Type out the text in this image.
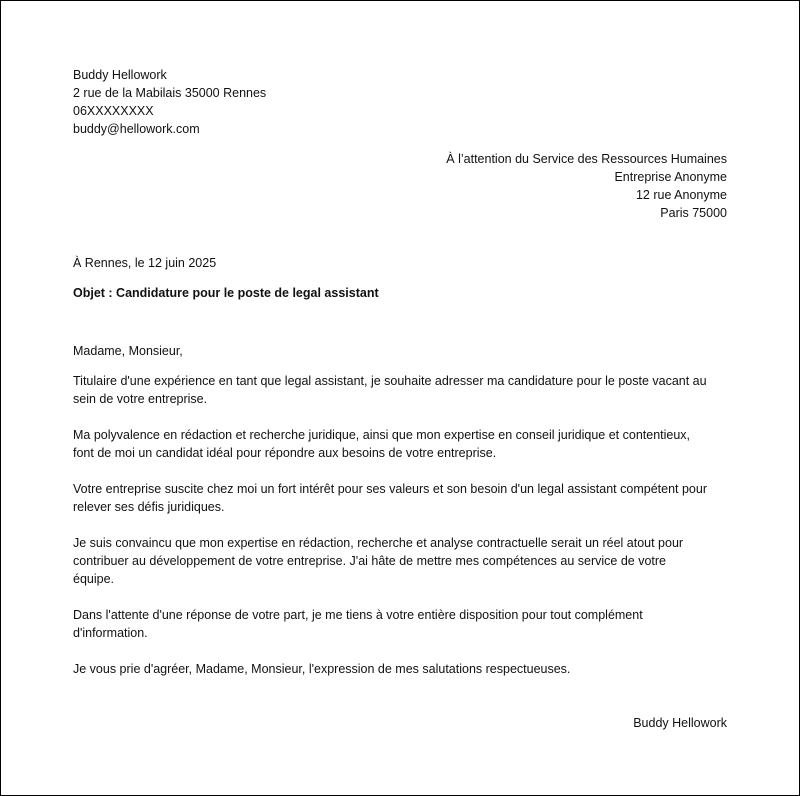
Buddy Hellowork
2 rue de la Mabilais 35000 Rennes
06XXXXXXXX
buddy@hellowork.com
À l’attention du Service des Ressources Humaines
Entreprise Anonyme
12 rue Anonyme
Paris 75000
À Rennes, le 12 juin 2025
Objet : Candidature pour le poste de legal assistant
Madame, Monsieur,
Titulaire d'une expérience en tant que legal assistant, je souhaite adresser ma candidature pour le poste vacant au
sein de votre entreprise.
Ma polyvalence en rédaction et recherche juridique, ainsi que mon expertise en conseil juridique et contentieux,
font de moi un candidat idéal pour répondre aux besoins de votre entreprise.
Votre entreprise suscite chez moi un fort intérêt pour ses valeurs et son besoin d'un legal assistant compétent pour
relever ses défis juridiques.
Je suis convaincu que mon expertise en rédaction, recherche et analyse contractuelle serait un réel atout pour
contribuer au développement de votre entreprise. J'ai hâte de mettre mes compétences au service de votre
équipe.
Dans l'attente d'une réponse de votre part, je me tiens à votre entière disposition pour tout complément
d'information.
Je vous prie d'agréer, Madame, Monsieur, l'expression de mes salutations respectueuses.
Buddy Hellowork
